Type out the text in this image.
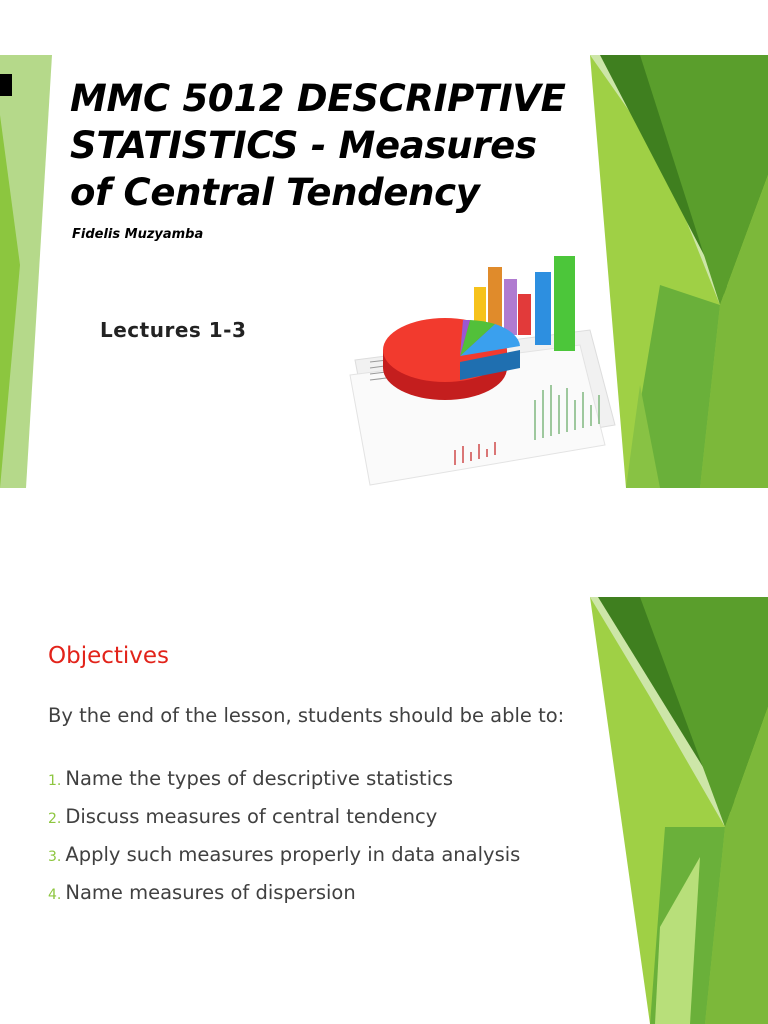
MMC 5012 DESCRIPTIVE
STATISTICS - Measures
of Central Tendency
Fidelis Muzyamba
Lectures 1-3
Objectives
By the end of the lesson, students should be able to:
1. Name the types of descriptive statistics
2. Discuss measures of central tendency
3. Apply such measures properly in data analysis
4. Name measures of dispersion
